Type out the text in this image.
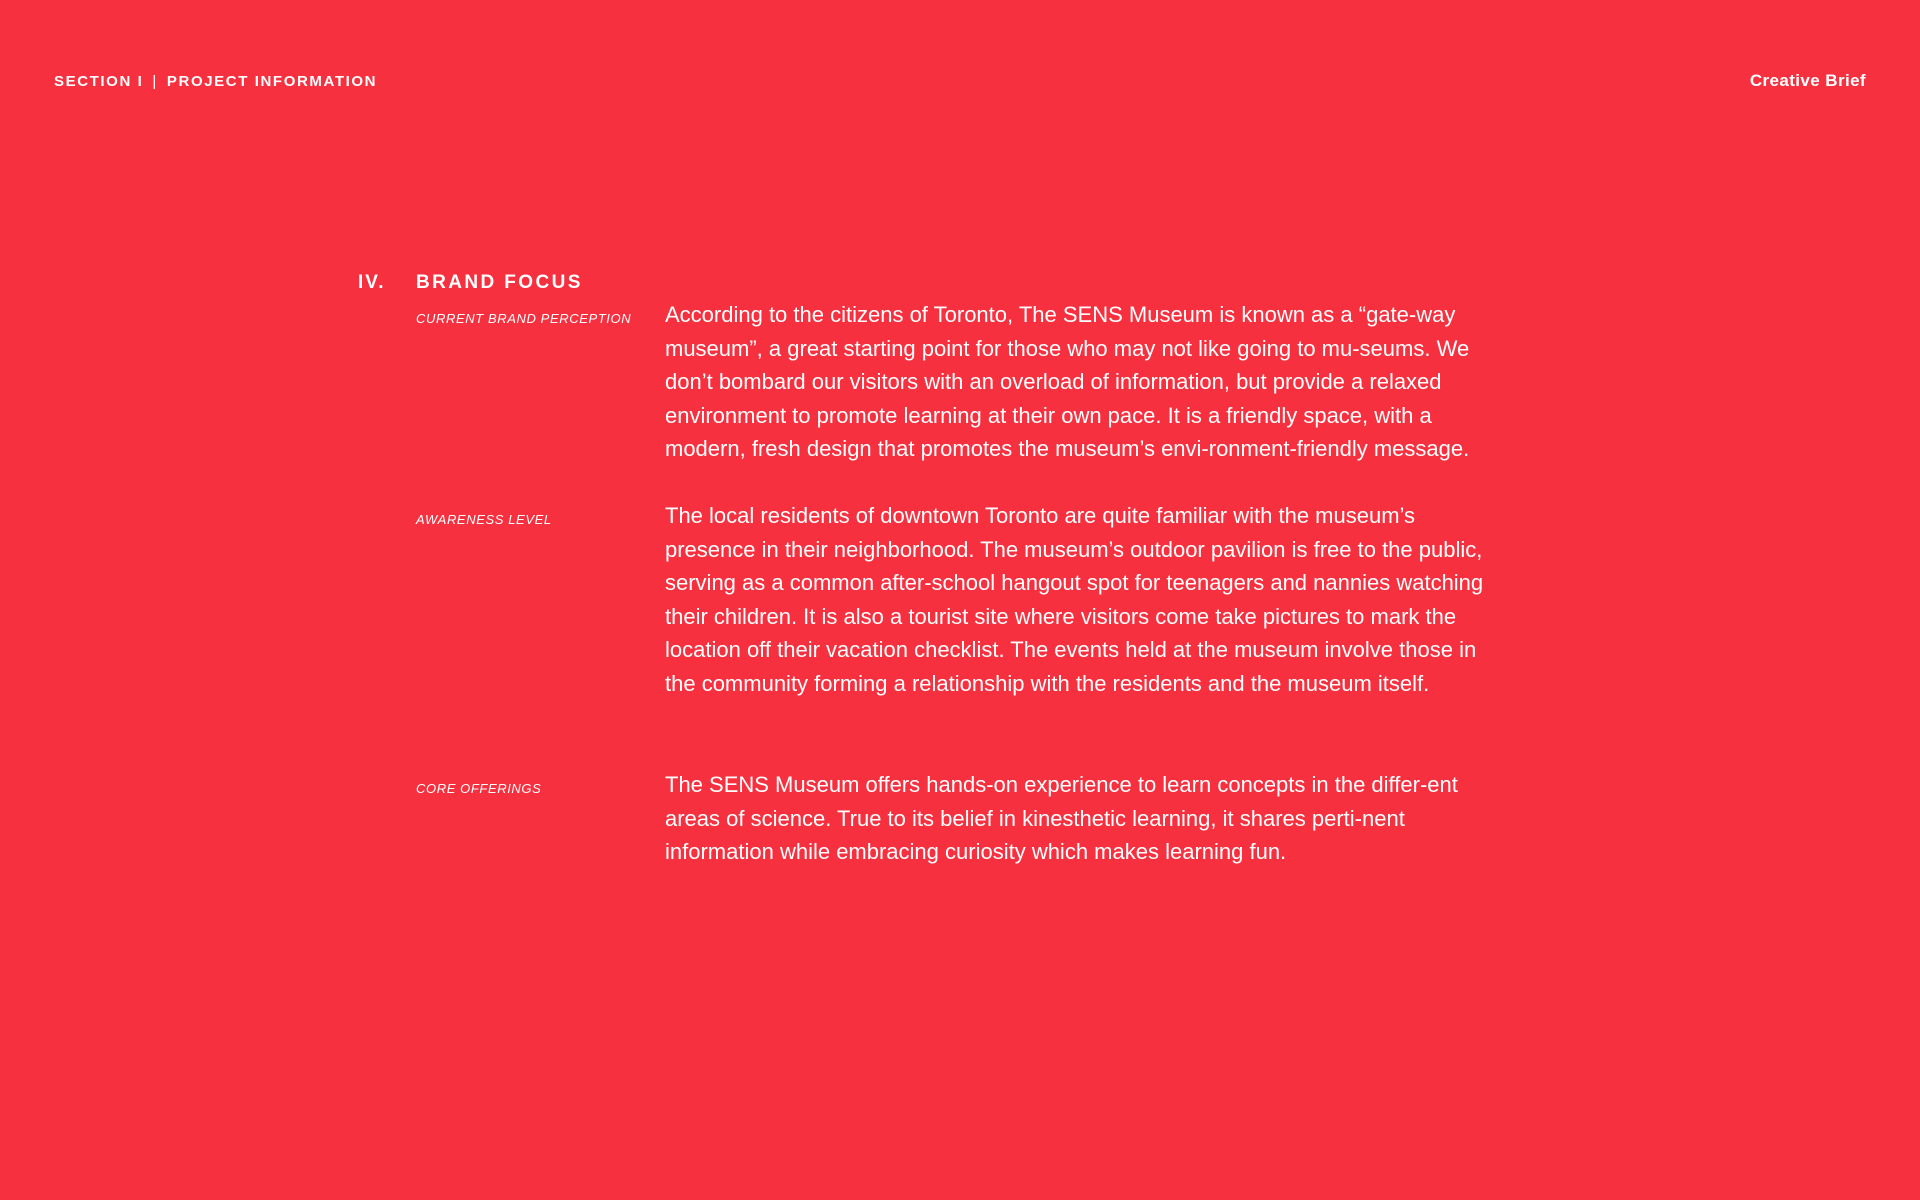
SECTION I | PROJECT INFORMATION	Creative Brief
IV. BRAND FOCUS
CURRENT BRAND PERCEPTION According to the citizens of Toronto, The SENS Museum is known as a “gate-way museum”, a great starting point for those who may not like going to mu-seums. We don’t bombard our visitors with an overload of information, but provide a relaxed environment to promote learning at their own pace. It is a friendly space, with a modern, fresh design that promotes the museum’s envi-ronment-friendly message.

AWARENESS LEVEL	The local residents of downtown Toronto are quite familiar with the museum’s presence in their neighborhood. The museum’s outdoor pavilion is free to the public, serving as a common after-school hangout spot for teenagers and nannies watching their children. It is also a tourist site where visitors come take pictures to mark the location off their vacation checklist. The events held at the museum involve those in the community forming a relationship with the residents and the museum itself.

CORE OFFERINGS	The SENS Museum offers hands-on experience to learn concepts in the differ-ent areas of science. True to its belief in kinesthetic learning, it shares perti-nent information while embracing curiosity which makes learning fun.
